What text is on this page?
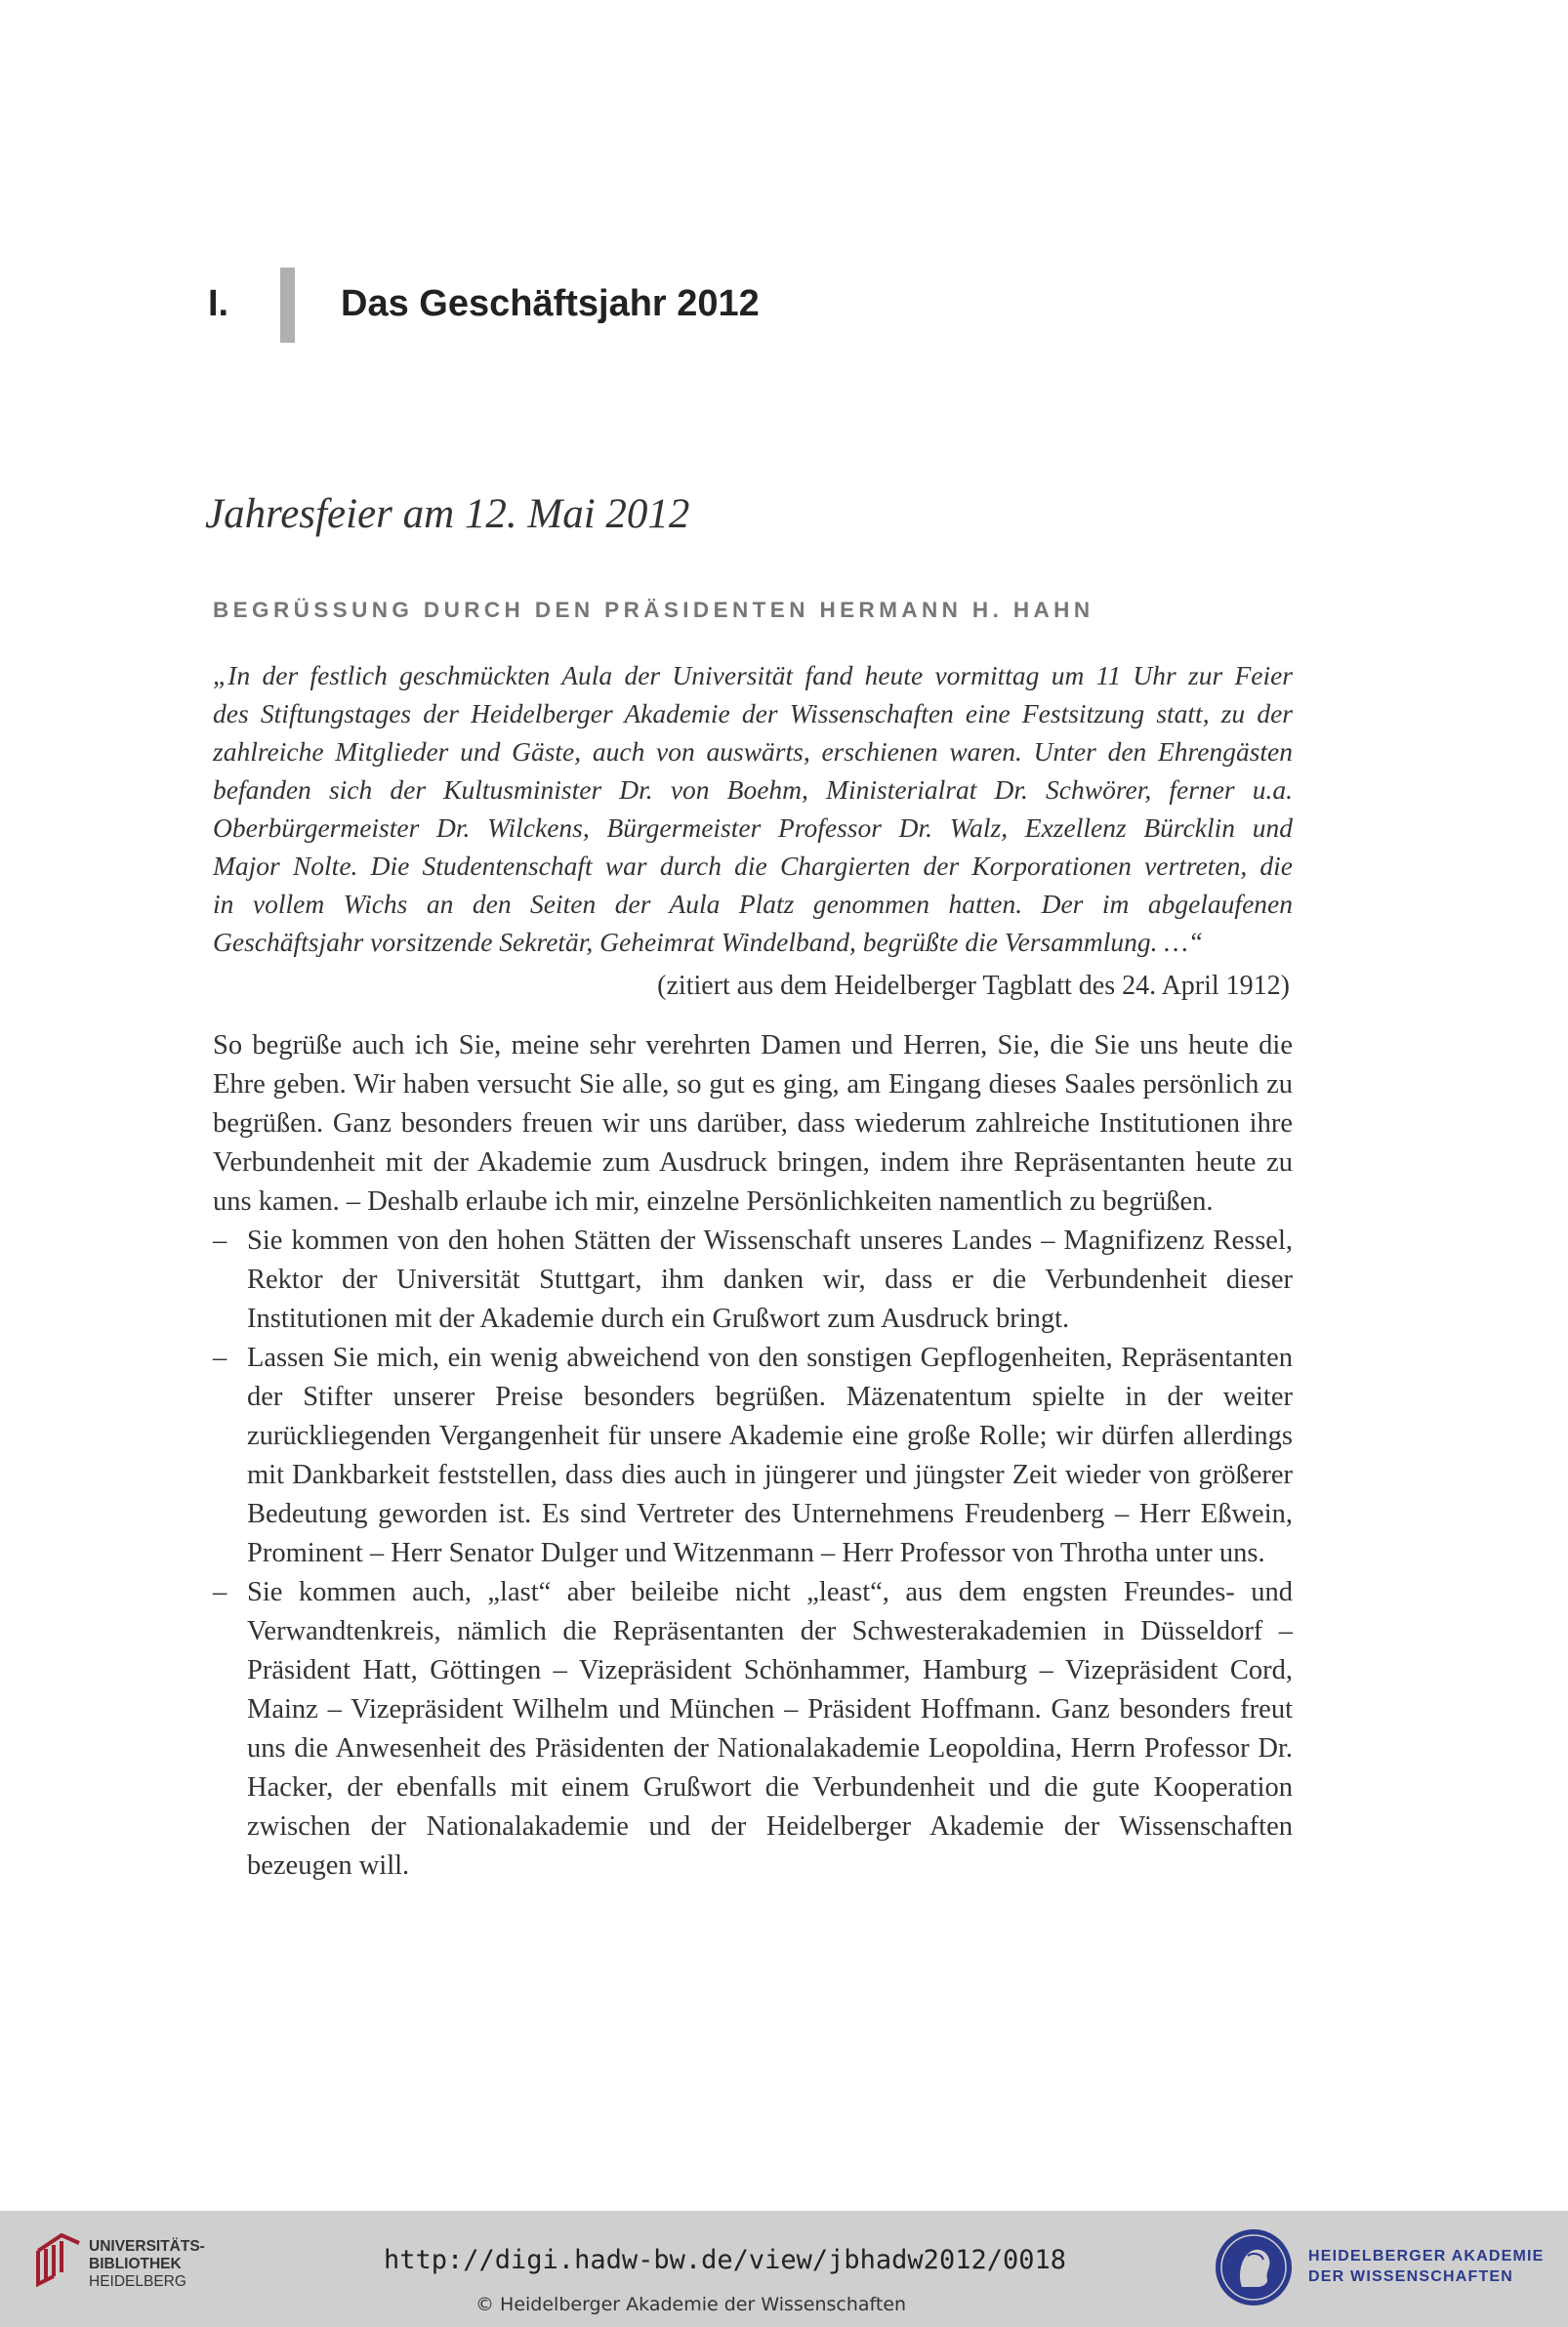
I.	Das Geschäftsjahr 2012
Jahresfeier am 12. Mai 2012
BEGRÜSSUNG DURCH DEN PRÄSIDENTEN HERMANN H. HAHN

„In der festlich geschmückten Aula der Universität fand heute vormittag um 11 Uhr zur Feier

des Stiftungstages der Heidelberger Akademie der Wissenschaften eine Festsitzung statt, zu der

zahlreiche Mitglieder und Gäste, auch von auswärts, erschienen waren. Unter den Ehrengästen

befanden sich der Kultusminister Dr. von Boehm, Ministerialrat Dr. Schwörer, ferner u.a.

Oberbürgermeister Dr. Wilckens, Bürgermeister Professor Dr. Walz, Exzellenz Bürcklin und

Major Nolte. Die Studentenschaft war durch die Chargierten der Korporationen vertreten, die

in vollem Wichs an den Seiten der Aula Platz genommen hatten. Der im abgelaufenen

Geschäftsjahr vorsitzende Sekretär, Geheimrat Windelband, begrüßte die Versammlung. …“

(zitiert aus dem Heidelberger Tagblatt des 24. April 1912)

So begrüße auch ich Sie, meine sehr verehrten Damen und Herren, Sie, die Sie uns heute die Ehre geben. Wir haben versucht Sie alle, so gut es ging, am Eingang dieses Saales persönlich zu begrüßen. Ganz besonders freuen wir uns darüber, dass wiederum zahlreiche Institutionen ihre Verbundenheit mit der Akademie zum Ausdruck bringen, indem ihre Repräsentanten heute zu uns kamen. – Deshalb erlaube ich mir, einzelne Persönlichkeiten namentlich zu begrüßen.

– Sie kommen von den hohen Stätten der Wissenschaft unseres Landes – Magnifizenz Ressel, Rektor der Universität Stuttgart, ihm danken wir, dass er die Verbundenheit dieser Institutionen mit der Akademie durch ein Grußwort zum Ausdruck bringt.
– Lassen Sie mich, ein wenig abweichend von den sonstigen Gepflogenheiten, Repräsentanten der Stifter unserer Preise besonders begrüßen. Mäzenatentum spielte in der weiter zurückliegenden Vergangenheit für unsere Akademie eine große Rolle; wir dürfen allerdings mit Dankbarkeit feststellen, dass dies auch in jüngerer und jüngster Zeit wieder von größerer Bedeutung geworden ist. Es sind Vertreter des Unternehmens Freudenberg – Herr Eßwein, Prominent – Herr Senator Dulger und Witzenmann – Herr Professor von Throtha unter uns.
– Sie kommen auch, „last“ aber beileibe nicht „least“, aus dem engsten Freundes- und Verwandtenkreis, nämlich die Repräsentanten der Schwesterakademien in Düsseldorf – Präsident Hatt, Göttingen – Vizepräsident Schönhammer, Hamburg – Vizepräsident Cord, Mainz – Vizepräsident Wilhelm und München – Präsident Hoffmann. Ganz besonders freut uns die Anwesenheit des Präsidenten der Nationalakademie Leopoldina, Herrn Professor Dr. Hacker, der ebenfalls mit einem Grußwort die Verbundenheit und die gute Kooperation zwischen der Nationalakademie und der Heidelberger Akademie der Wissenschaften bezeugen will.
UNIVERSITÄTS-
BIBLIOTHEK
HEIDELBERG
http://digi.hadw-bw.de/view/jbhadw2012/0018
© Heidelberger Akademie der Wissenschaften
HEIDELBERGER AKADEMIE
DER WISSENSCHAFTEN
